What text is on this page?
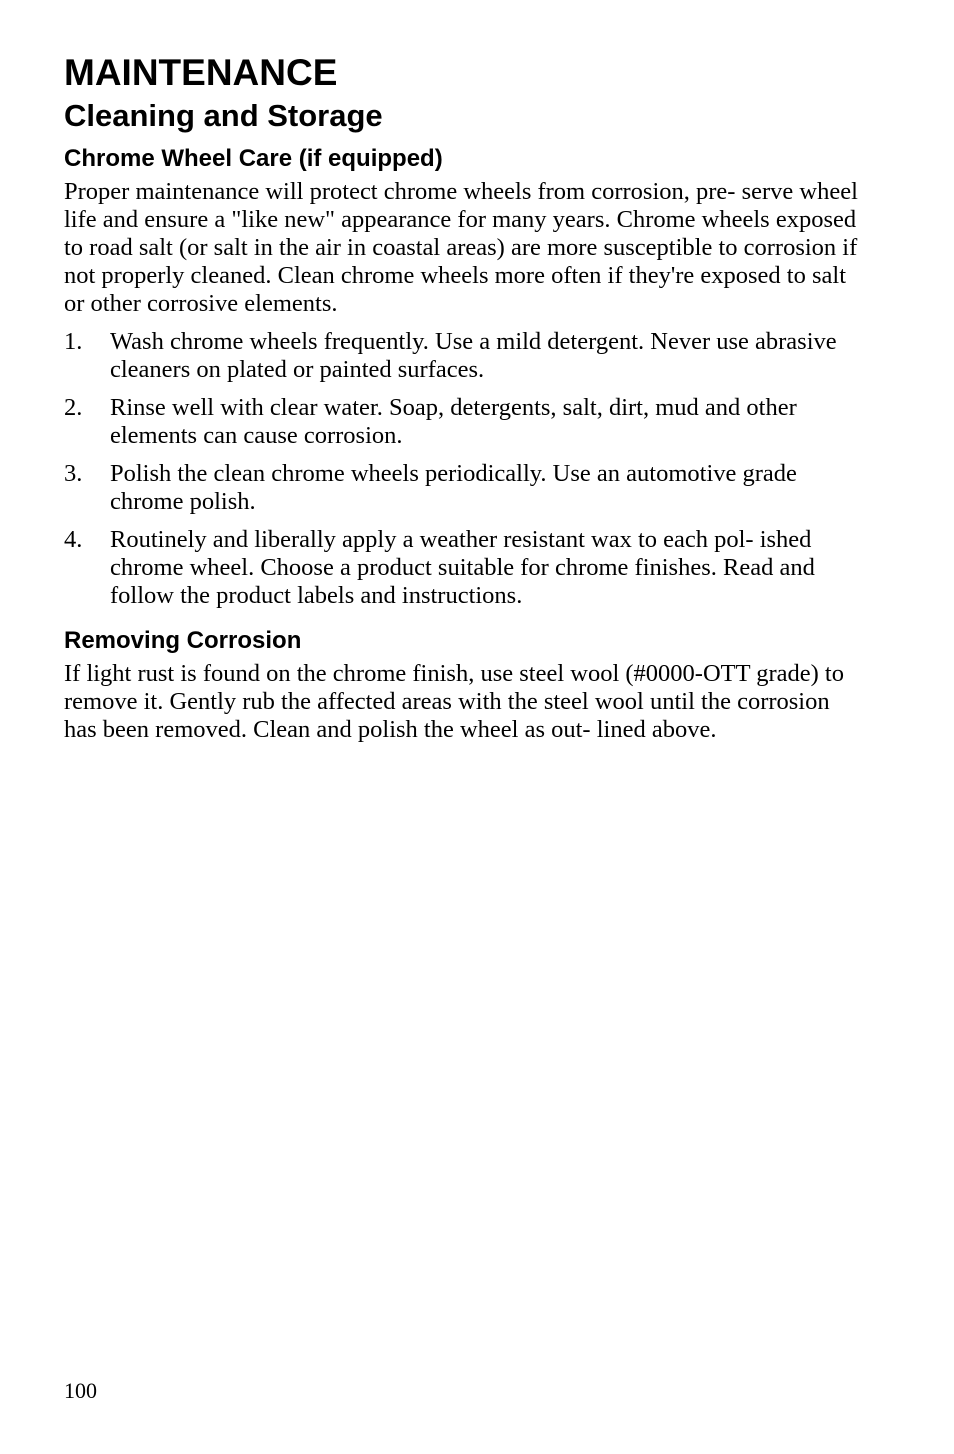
MAINTENANCE
Cleaning and Storage
Chrome Wheel Care (if equipped)

Proper maintenance will protect chrome wheels from corrosion, pre- serve wheel life and ensure a "like new" appearance for many years. Chrome wheels exposed to road salt (or salt in the air in coastal areas) are more susceptible to corrosion if not properly cleaned. Clean chrome wheels more often if they're exposed to salt or other corrosive elements.

1. Wash chrome wheels frequently. Use a mild detergent. Never use abrasive cleaners on plated or painted surfaces.
2. Rinse well with clear water. Soap, detergents, salt, dirt, mud and other elements can cause corrosion.
3. Polish the clean chrome wheels periodically. Use an automotive grade chrome polish.
4. Routinely and liberally apply a weather resistant wax to each pol- ished chrome wheel. Choose a product suitable for chrome finishes. Read and follow the product labels and instructions.
Removing Corrosion

If light rust is found on the chrome finish, use steel wool (#0000-OTT grade) to remove it. Gently rub the affected areas with the steel wool until the corrosion has been removed. Clean and polish the wheel as out- lined above.

100
